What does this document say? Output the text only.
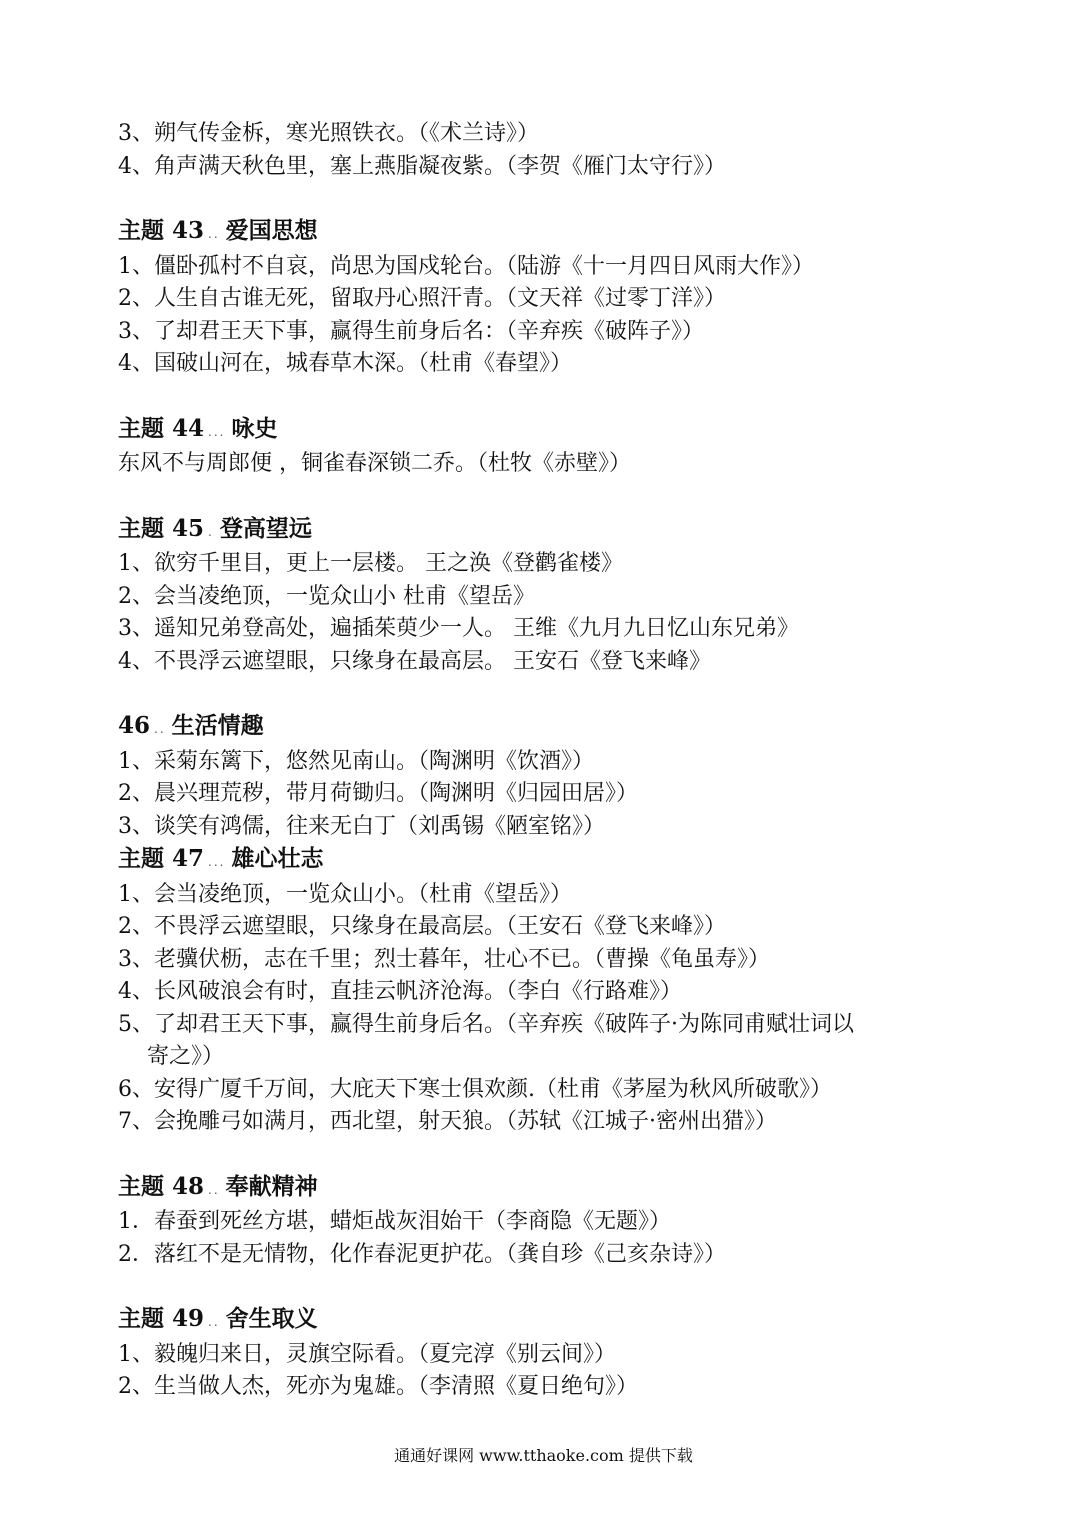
3、朔气传金柝，寒光照铁衣。（《术兰诗》）
4、角声满天秋色里，塞上燕脂凝夜紫。（李贺《雁门太守行》）
主题 43 .. 爱国思想
1、僵卧孤村不自哀，尚思为国戍轮台。（陆游《十一月四日风雨大作》）
2、人生自古谁无死，留取丹心照汗青。（文天祥《过零丁洋》）
3、了却君王天下事，赢得生前身后名：（辛弃疾《破阵子》）
4、国破山河在，城春草木深。（杜甫《春望》）
主题 44 ... 咏史
东风不与周郎便 ，铜雀春深锁二乔。（杜牧《赤壁》）
主题 45 . 登高望远
1、欲穷千里目，更上一层楼。 王之涣《登鹳雀楼》
2、会当凌绝顶，一览众山小 杜甫《望岳》
3、遥知兄弟登高处，遍插茱萸少一人。 王维《九月九日忆山东兄弟》
4、不畏浮云遮望眼，只缘身在最高层。 王安石《登飞来峰》
46 .. 生活情趣
1、采菊东篱下，悠然见南山。（陶渊明《饮酒》）
2、晨兴理荒秽，带月荷锄归。（陶渊明《归园田居》）
3、谈笑有鸿儒，往来无白丁（刘禹锡《陋室铭》）
主题 47 ... 雄心壮志
1、会当凌绝顶，一览众山小。（杜甫《望岳》）
2、不畏浮云遮望眼，只缘身在最高层。（王安石《登飞来峰》）
3、老骥伏枥，志在千里；烈士暮年，壮心不已。（曹操《龟虽寿》）
4、长风破浪会有时，直挂云帆济沧海。（李白《行路难》）
5、了却君王天下事，赢得生前身后名。（辛弃疾《破阵子·为陈同甫赋壮词以
寄之》）
6、安得广厦千万间，大庇天下寒士俱欢颜.（杜甫《茅屋为秋风所破歌》）
7、会挽雕弓如满月，西北望，射天狼。（苏轼《江城子·密州出猎》）
主题 48 .. 奉献精神
1．春蚕到死丝方堪，蜡炬战灰泪始干（李商隐《无题》）
2．落红不是无情物，化作春泥更护花。（龚自珍《己亥杂诗》）
主题 49 .. 舍生取义
1、毅魄归来日，灵旗空际看。（夏完淳《别云间》）
2、生当做人杰，死亦为鬼雄。（李清照《夏日绝句》）
通通好课网 www.tthaoke.com 提供下载
